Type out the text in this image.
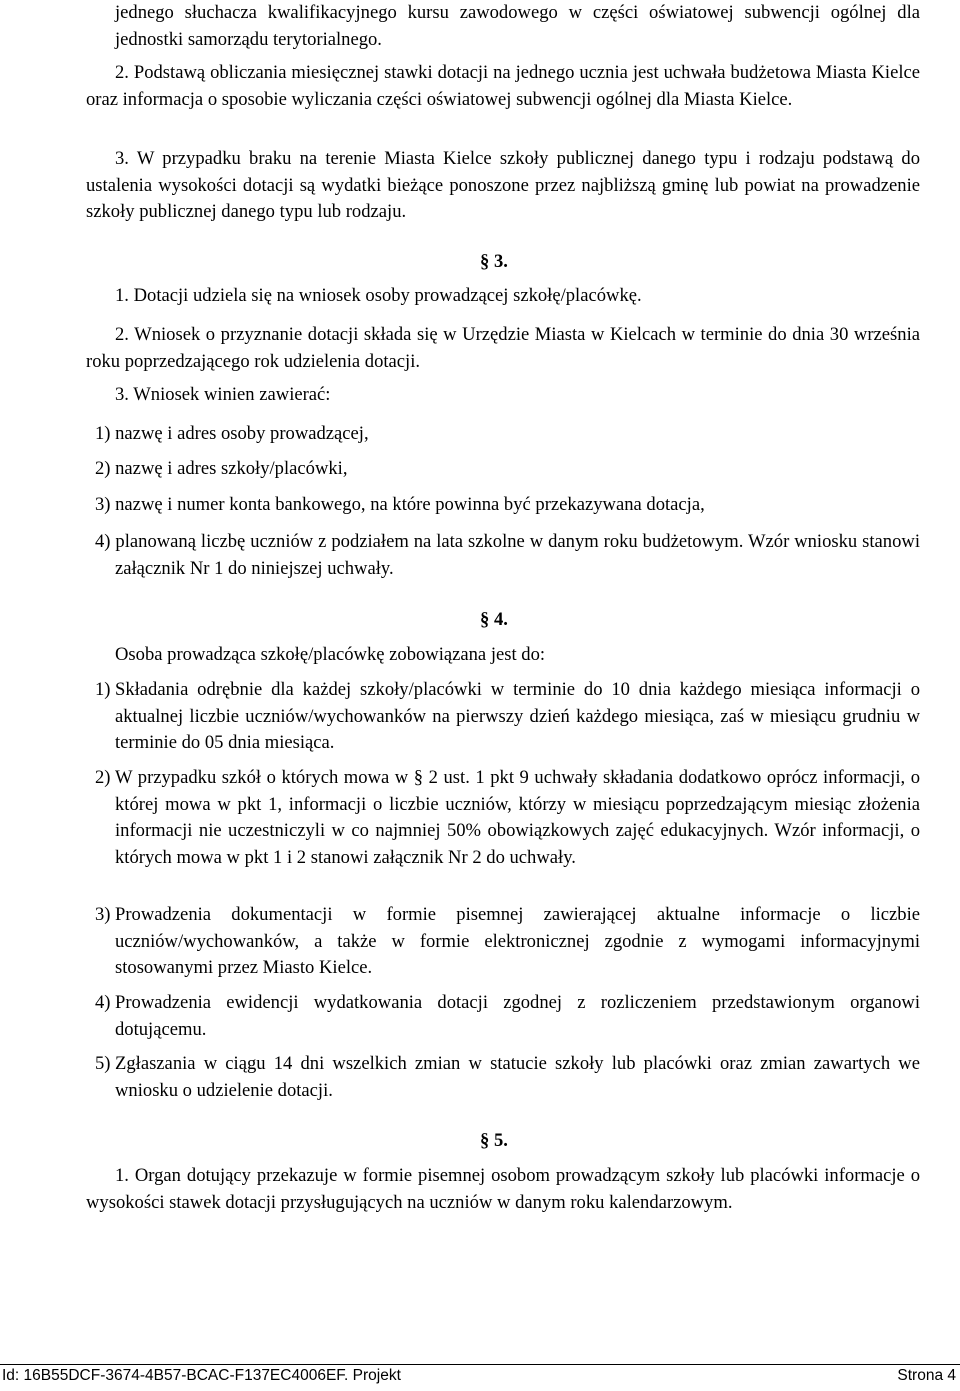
jednego słuchacza kwalifikacyjnego kursu zawodowego w części oświatowej subwencji ogólnej dla jednostki samorządu terytorialnego.

2. Podstawą obliczania miesięcznej stawki dotacji na jednego ucznia jest uchwała budżetowa Miasta Kielce oraz informacja o sposobie wyliczania części oświatowej subwencji ogólnej dla Miasta Kielce.

3. W przypadku braku na terenie Miasta Kielce szkoły publicznej danego typu i rodzaju podstawą do ustalenia wysokości dotacji są wydatki bieżące ponoszone przez najbliższą gminę lub powiat na prowadzenie szkoły publicznej danego typu lub rodzaju.

§ 3.

1. Dotacji udziela się na wniosek osoby prowadzącej szkołę/placówkę.

2. Wniosek o przyznanie dotacji składa się w Urzędzie Miasta w Kielcach w terminie do dnia 30 września roku poprzedzającego rok udzielenia dotacji.

3. Wniosek winien zawierać:

1) nazwę i adres osoby prowadzącej,

2) nazwę i adres szkoły/placówki,

3) nazwę i numer konta bankowego, na które powinna być przekazywana dotacja,

4) planowaną liczbę uczniów z podziałem na lata szkolne w danym roku budżetowym. Wzór wniosku stanowi załącznik Nr 1 do niniejszej uchwały.

§ 4.

Osoba prowadząca szkołę/placówkę zobowiązana jest do:

1) Składania odrębnie dla każdej szkoły/placówki w terminie do 10 dnia każdego miesiąca informacji o aktualnej liczbie uczniów/wychowanków na pierwszy dzień każdego miesiąca, zaś w miesiącu grudniu w terminie do 05 dnia miesiąca.

2) W przypadku szkół o których mowa w § 2 ust. 1 pkt 9 uchwały składania dodatkowo oprócz informacji, o której mowa w pkt 1, informacji o liczbie uczniów, którzy w miesiącu poprzedzającym miesiąc złożenia informacji nie uczestniczyli w co najmniej 50% obowiązkowych zajęć edukacyjnych. Wzór informacji, o których mowa w pkt 1 i 2 stanowi załącznik Nr 2 do uchwały.

3) Prowadzenia dokumentacji w formie pisemnej zawierającej aktualne informacje o liczbie uczniów/wychowanków, a także w formie elektronicznej zgodnie z wymogami informacyjnymi stosowanymi przez Miasto Kielce.

4) Prowadzenia ewidencji wydatkowania dotacji zgodnej z rozliczeniem przedstawionym organowi dotującemu.

5) Zgłaszania w ciągu 14 dni wszelkich zmian w statucie szkoły lub placówki oraz zmian zawartych we wniosku o udzielenie dotacji.

§ 5.

1. Organ dotujący przekazuje w formie pisemnej osobom prowadzącym szkoły lub placówki informacje o wysokości stawek dotacji przysługujących na uczniów w danym roku kalendarzowym.

Id: 16B55DCF-3674-4B57-BCAC-F137EC4006EF. Projekt	Strona 4
